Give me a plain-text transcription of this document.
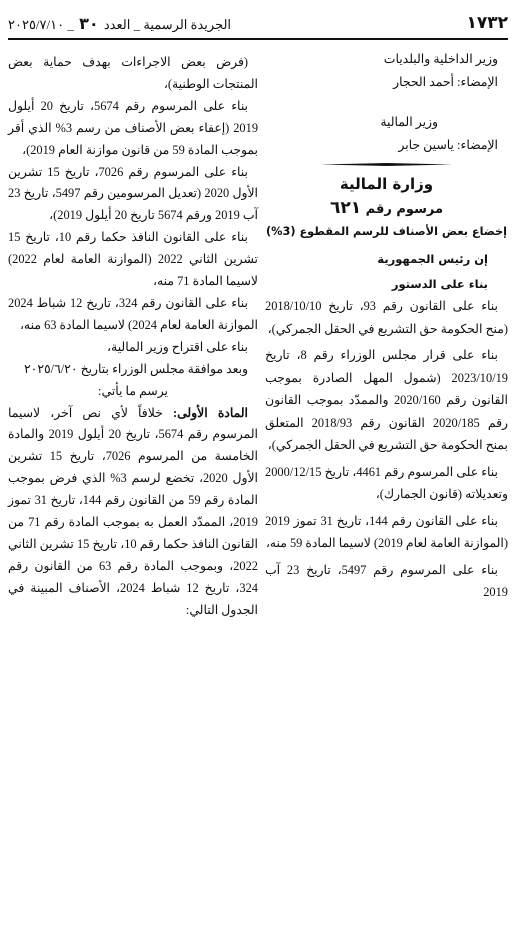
١٧٣٢
الجريدة الرسمية _ العدد ٣٠ _ ٢٠٢٥/٧/١٠

وزير الداخلية والبلديات

الإمضاء: أحمد الحجار

وزير المالية

الإمضاء: ياسين جابر

وزارة المالية

مرسوم رقم ٦٢١

إخضاع بعض الأصناف للرسم المقطوع (3%)

إن رئيس الجمهورية

بناء على الدستور

بناء على القانون رقم 93، تاريخ 2018/10/10 (منح الحكومة حق التشريع في الحقل الجمركي)،

بناء على قرار مجلس الوزراء رقم 8، تاريخ 2023/10/19 (شمول المهل الصادرة بموجب القانون رقم 2020/160 والممدّد بموجب القانون رقم 2020/185 القانون رقم 2018/93 المتعلق بمنح الحكومة حق التشريع في الحقل الجمركي)،

بناء على المرسوم رقم 4461، تاريخ 2000/12/15 وتعديلاته (قانون الجمارك)،

بناء على القانون رقم 144، تاريخ 31 تموز 2019 (الموازنة العامة لعام 2019) لاسيما المادة 59 منه،

بناء على المرسوم رقم 5497، تاريخ 23 آب 2019

(فرض بعض الاجراءات بهدف حماية بعض المنتجات الوطنية)،

بناء على المرسوم رقم 5674، تاريخ 20 أيلول 2019 (إعفاء بعض الأصناف من رسم 3% الذي أقر بموجب المادة 59 من قانون موازنة العام 2019)،

بناء على المرسوم رقم 7026، تاريخ 15 تشرين الأول 2020 (تعديل المرسومين رقم 5497، تاريخ 23 آب 2019 ورقم 5674 تاريخ 20 أيلول 2019)،

بناء على القانون النافذ حكما رقم 10، تاريخ 15 تشرين الثاني 2022 (الموازنة العامة لعام 2022) لاسيما المادة 71 منه،

بناء على القانون رقم 324، تاريخ 12 شباط 2024 الموازنة العامة لعام 2024) لاسيما المادة 63 منه،

بناء على اقتراح وزير المالية،

وبعد موافقة مجلس الوزراء بتاريخ ٢٠٢٥/٦/٢٠

يرسم ما يأتي:

المادة الأولى: خلافاً لأي نص آخر، لاسيما المرسوم رقم 5674، تاريخ 20 أيلول 2019 والمادة الخامسة من المرسوم 7026، تاريخ 15 تشرين الأول 2020، تخضع لرسم 3% الذي فرض بموجب المادة رقم 59 من القانون رقم 144، تاريخ 31 تموز 2019، الممدّد العمل به بموجب المادة رقم 71 من القانون النافذ حكما رقم 10، تاريخ 15 تشرين الثاني 2022، وبموجب المادة رقم 63 من القانون رقم 324، تاريخ 12 شباط 2024، الأصناف المبينة في الجدول التالي:
